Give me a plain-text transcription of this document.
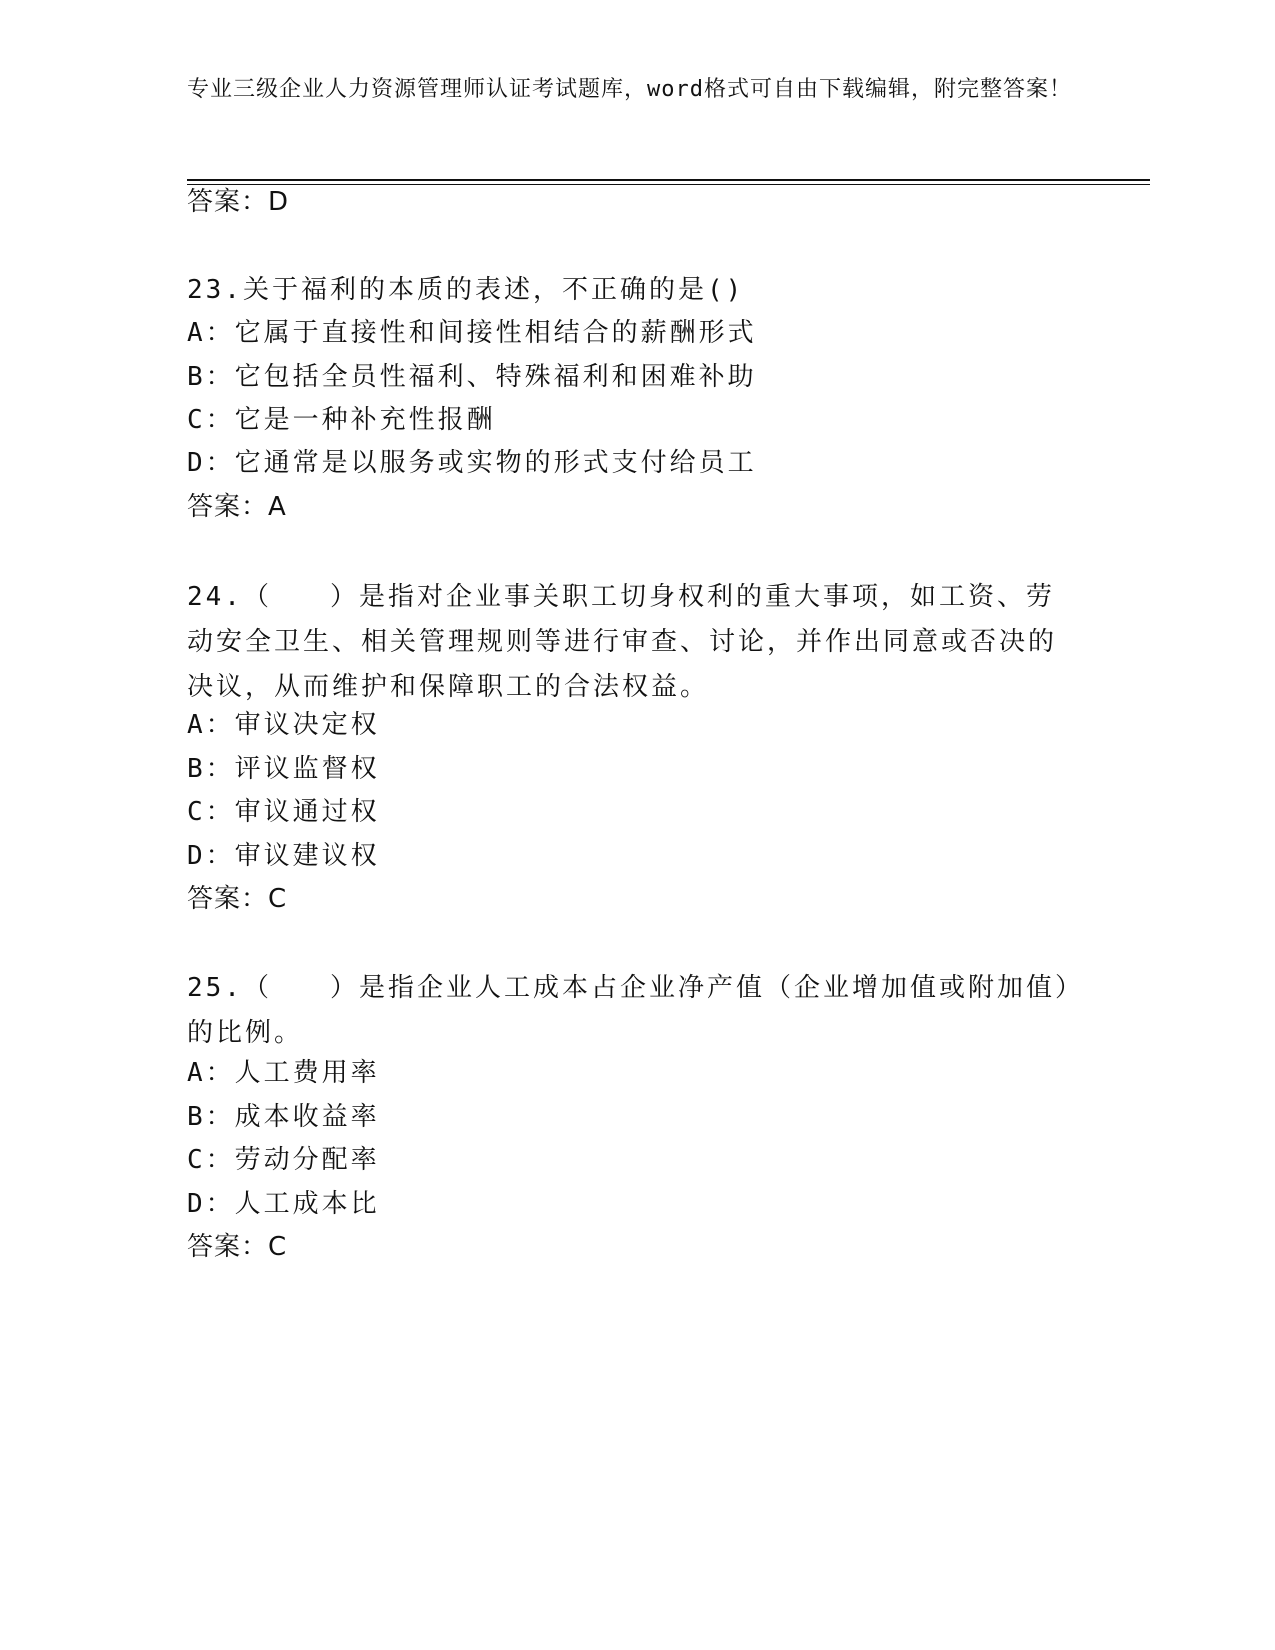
专业三级企业人力资源管理师认证考试题库，word格式可自由下载编辑，附完整答案！
答案：D
23.关于福利的本质的表述，不正确的是()
A：它属于直接性和间接性相结合的薪酬形式
B：它包括全员性福利、特殊福利和困难补助
C：它是一种补充性报酬
D：它通常是以服务或实物的形式支付给员工
答案：A
24.（　　）是指对企业事关职工切身权利的重大事项，如工资、劳动安全卫生、相关管理规则等进行审查、讨论，并作出同意或否决的决议，从而维护和保障职工的合法权益。
A：审议决定权
B：评议监督权
C：审议通过权
D：审议建议权
答案：C
25.（　　）是指企业人工成本占企业净产值（企业增加值或附加值）的比例。
A：人工费用率
B：成本收益率
C：劳动分配率
D：人工成本比
答案：C
